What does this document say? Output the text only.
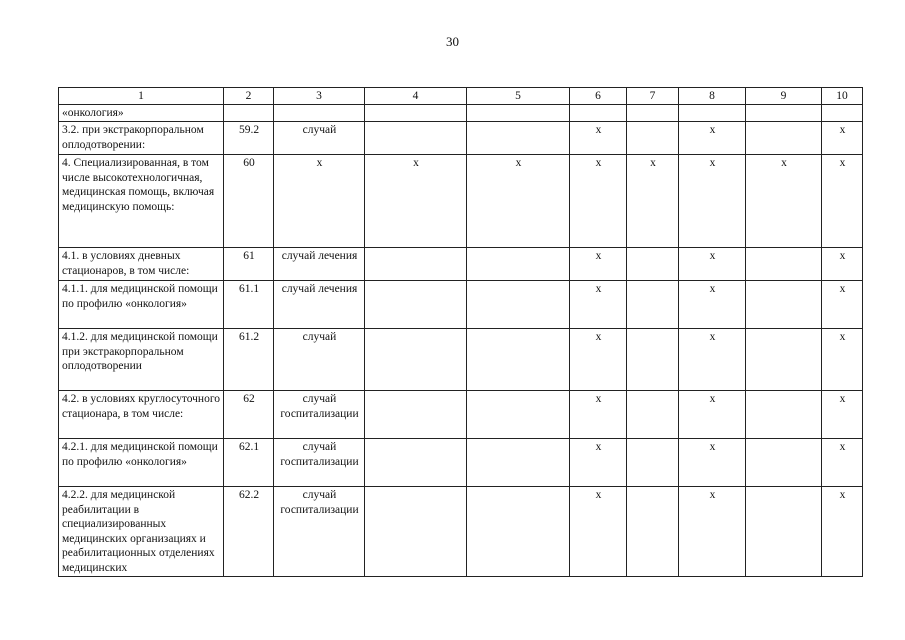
30
1	2	3	4	5	6	7	8	9	10
«онкология»									
3.2. при экстракорпоральном оплодотворении:	59.2	случай			x		x		x
4. Специализированная, в том числе высокотехнологичная, медицинская помощь, включая медицинскую помощь:	60	x	x	x	x	x	x	x	x
4.1. в условиях дневных стационаров, в том числе:	61	случай лечения			x		x		x
4.1.1. для медицинской помощи по профилю «онкология»	61.1	случай лечения			x		x		x
4.1.2. для медицинской помощи при экстракорпоральном оплодотворении	61.2	случай			x		x		x
4.2. в условиях круглосуточного стационара, в том числе:	62	случай госпитализации			x		x		x
4.2.1. для медицинской помощи по профилю «онкология»	62.1	случай госпитализации			x		x		x
4.2.2. для медицинской реабилитации в специализированных медицинских организациях и реабилитационных отделениях медицинских	62.2	случай госпитализации			x		x		x
